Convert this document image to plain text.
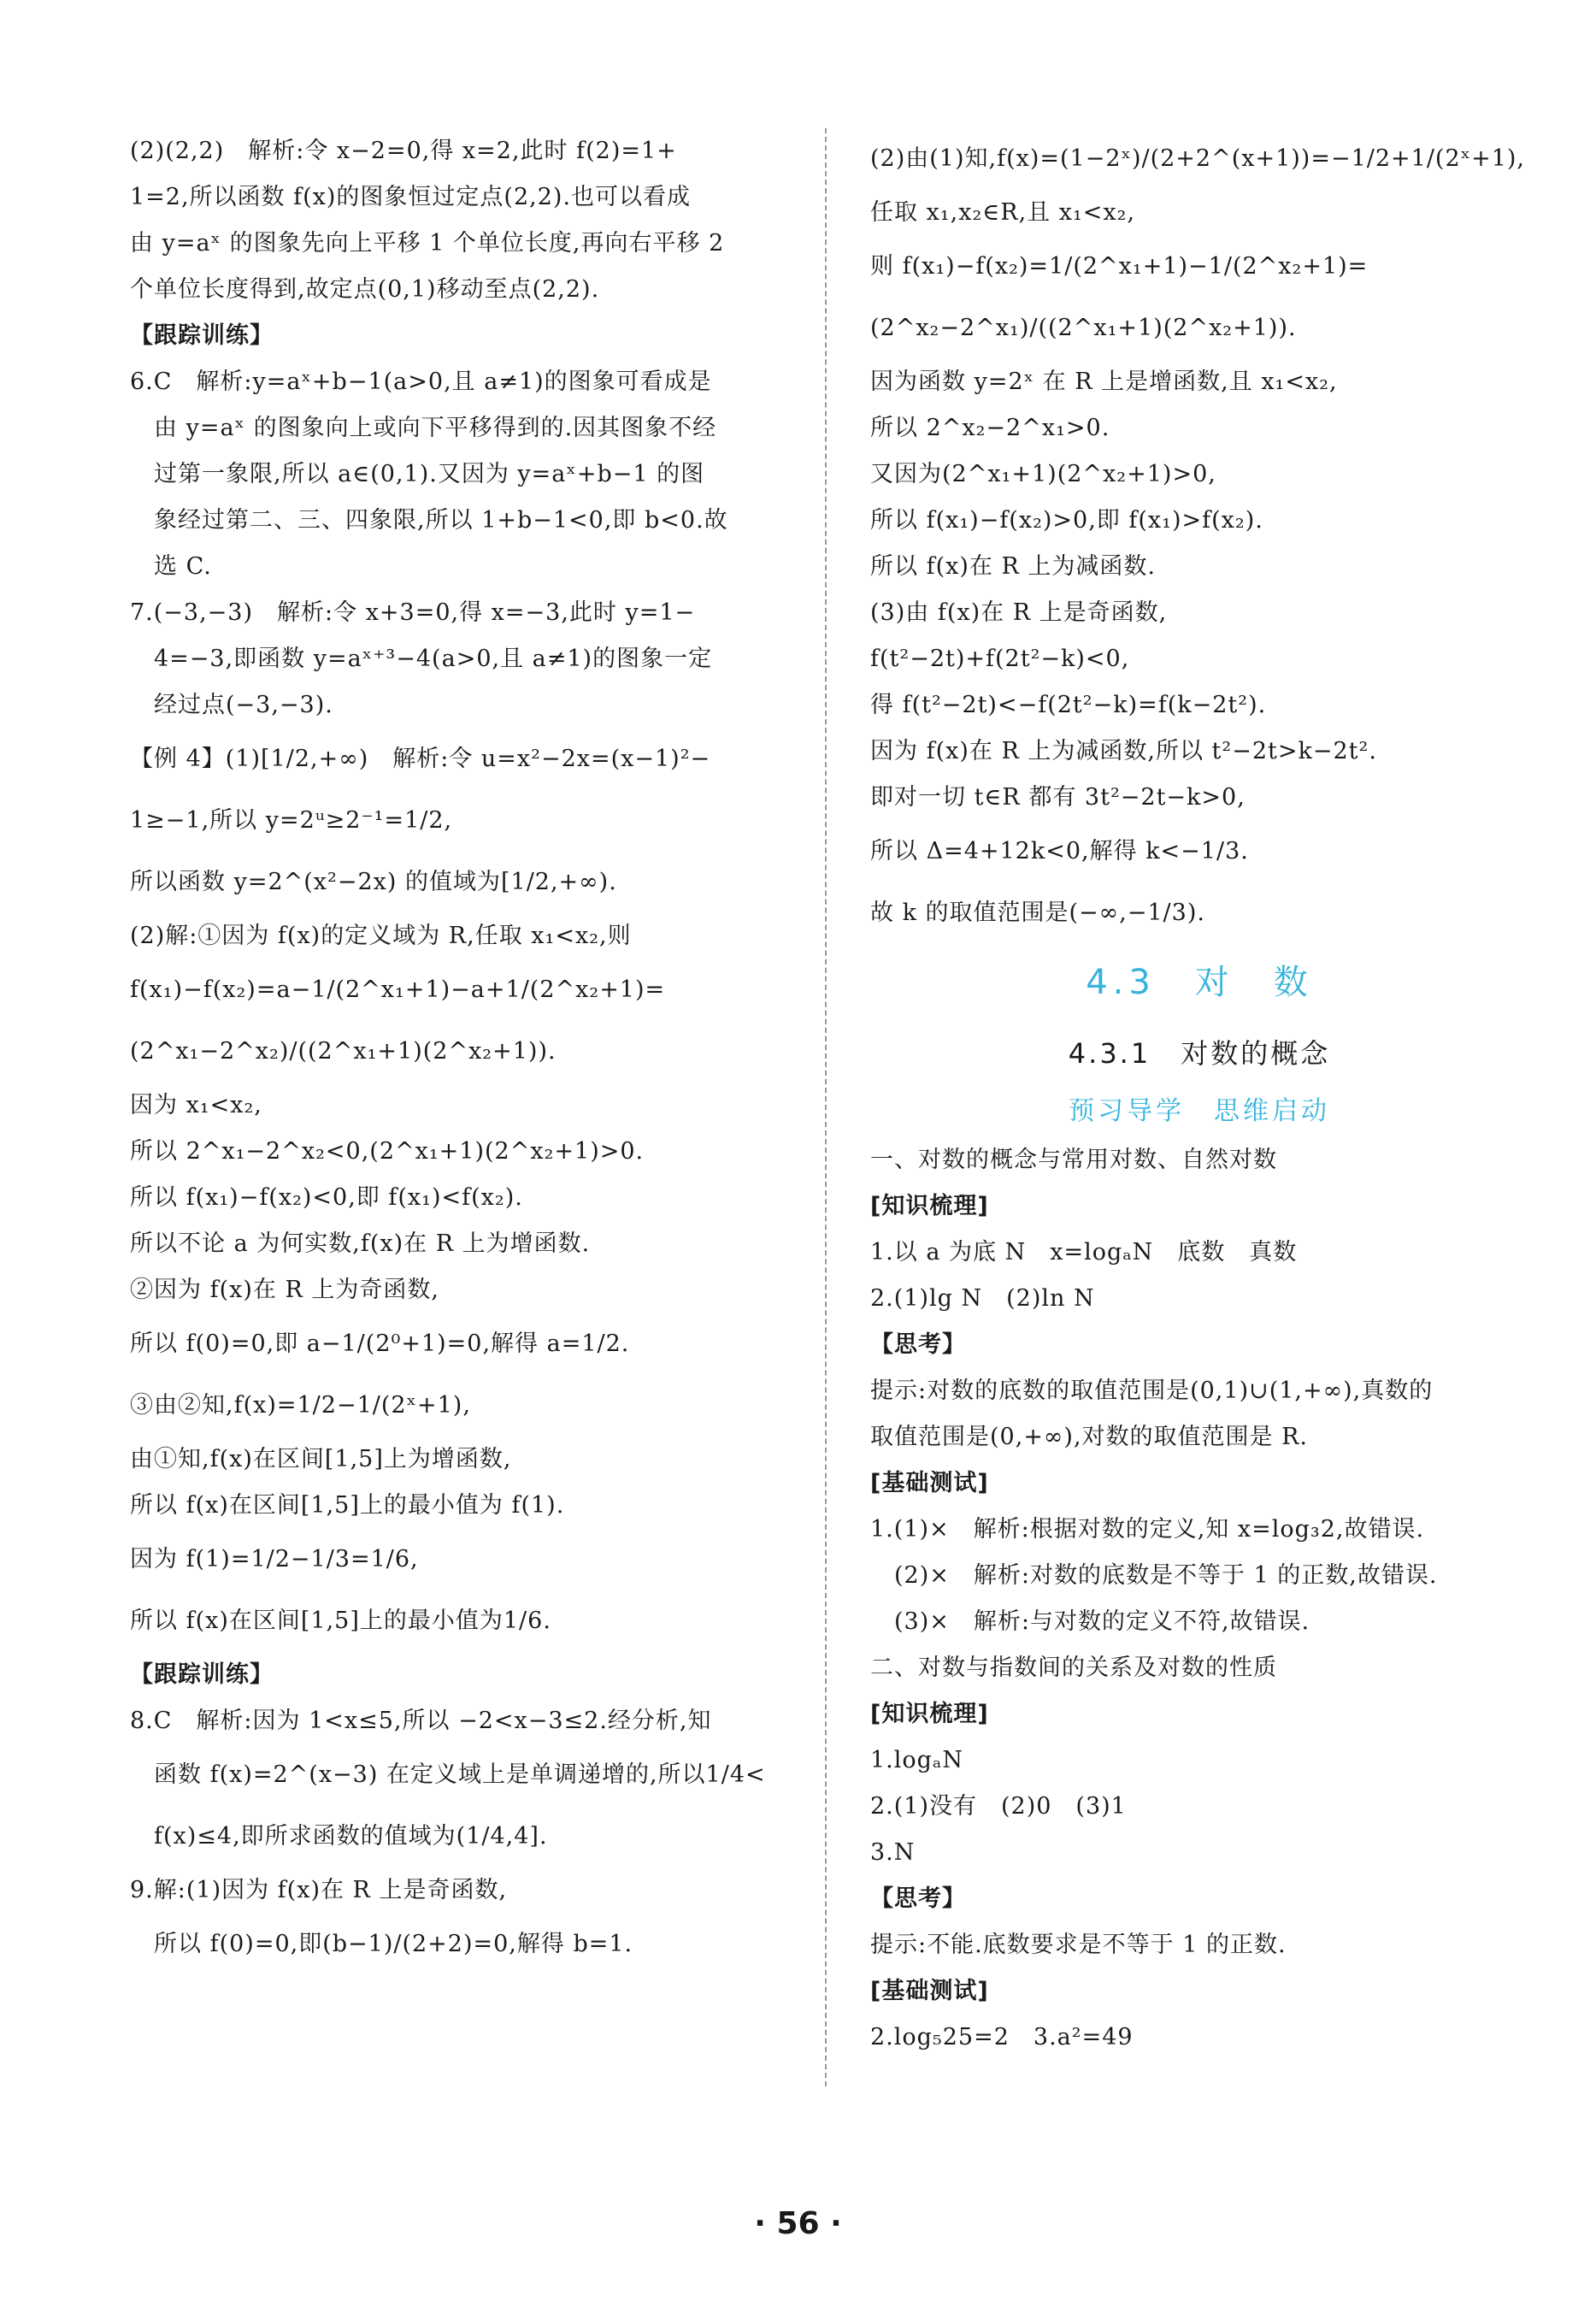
(2)(2,2)　解析:令 x−2=0,得 x=2,此时 f(2)=1+
1=2,所以函数 f(x)的图象恒过定点(2,2).也可以看成
由 y=aˣ 的图象先向上平移 1 个单位长度,再向右平移 2
个单位长度得到,故定点(0,1)移动至点(2,2).
【跟踪训练】
6.C　解析:y=aˣ+b−1(a>0,且 a≠1)的图象可看成是
由 y=aˣ 的图象向上或向下平移得到的.因其图象不经
过第一象限,所以 a∈(0,1).又因为 y=aˣ+b−1 的图
象经过第二、三、四象限,所以 1+b−1<0,即 b<0.故
选 C.
7.(−3,−3)　解析:令 x+3=0,得 x=−3,此时 y=1−
4=−3,即函数 y=aˣ⁺³−4(a>0,且 a≠1)的图象一定
经过点(−3,−3).
【例 4】(1)[1/2,+∞)　解析:令 u=x²−2x=(x−1)²−
1≥−1,所以 y=2ᵘ≥2⁻¹=1/2,
所以函数 y=2^(x²−2x) 的值域为[1/2,+∞).
(2)解:①因为 f(x)的定义域为 R,任取 x₁<x₂,则
f(x₁)−f(x₂)=a−1/(2^x₁+1)−a+1/(2^x₂+1)=
(2^x₁−2^x₂)/((2^x₁+1)(2^x₂+1)).
因为 x₁<x₂,
所以 2^x₁−2^x₂<0,(2^x₁+1)(2^x₂+1)>0.
所以 f(x₁)−f(x₂)<0,即 f(x₁)<f(x₂).
所以不论 a 为何实数,f(x)在 R 上为增函数.
②因为 f(x)在 R 上为奇函数,
所以 f(0)=0,即 a−1/(2⁰+1)=0,解得 a=1/2.
③由②知,f(x)=1/2−1/(2ˣ+1),
由①知,f(x)在区间[1,5]上为增函数,
所以 f(x)在区间[1,5]上的最小值为 f(1).
因为 f(1)=1/2−1/3=1/6,
所以 f(x)在区间[1,5]上的最小值为1/6.
【跟踪训练】
8.C　解析:因为 1<x≤5,所以 −2<x−3≤2.经分析,知
函数 f(x)=2^(x−3) 在定义域上是单调递增的,所以1/4<
f(x)≤4,即所求函数的值域为(1/4,4].
9.解:(1)因为 f(x)在 R 上是奇函数,
所以 f(0)=0,即(b−1)/(2+2)=0,解得 b=1.
(2)由(1)知,f(x)=(1−2ˣ)/(2+2^(x+1))=−1/2+1/(2ˣ+1),
任取 x₁,x₂∈R,且 x₁<x₂,
则 f(x₁)−f(x₂)=1/(2^x₁+1)−1/(2^x₂+1)=
(2^x₂−2^x₁)/((2^x₁+1)(2^x₂+1)).
因为函数 y=2ˣ 在 R 上是增函数,且 x₁<x₂,
所以 2^x₂−2^x₁>0.
又因为(2^x₁+1)(2^x₂+1)>0,
所以 f(x₁)−f(x₂)>0,即 f(x₁)>f(x₂).
所以 f(x)在 R 上为减函数.
(3)由 f(x)在 R 上是奇函数,
f(t²−2t)+f(2t²−k)<0,
得 f(t²−2t)<−f(2t²−k)=f(k−2t²).
因为 f(x)在 R 上为减函数,所以 t²−2t>k−2t².
即对一切 t∈R 都有 3t²−2t−k>0,
所以 Δ=4+12k<0,解得 k<−1/3.
故 k 的取值范围是(−∞,−1/3).
4.3　对　数
4.3.1　对数的概念
预习导学　思维启动
一、对数的概念与常用对数、自然对数
[知识梳理]
1.以 a 为底 N　x=logₐN　底数　真数
2.(1)lg N　(2)ln N
【思考】
提示:对数的底数的取值范围是(0,1)∪(1,+∞),真数的
取值范围是(0,+∞),对数的取值范围是 R.
[基础测试]
1.(1)×　解析:根据对数的定义,知 x=log₃2,故错误.
(2)×　解析:对数的底数是不等于 1 的正数,故错误.
(3)×　解析:与对数的定义不符,故错误.
二、对数与指数间的关系及对数的性质
[知识梳理]
1.logₐN
2.(1)没有　(2)0　(3)1
3.N
【思考】
提示:不能.底数要求是不等于 1 的正数.
[基础测试]
2.log₅25=2　3.a²=49
· 56 ·
